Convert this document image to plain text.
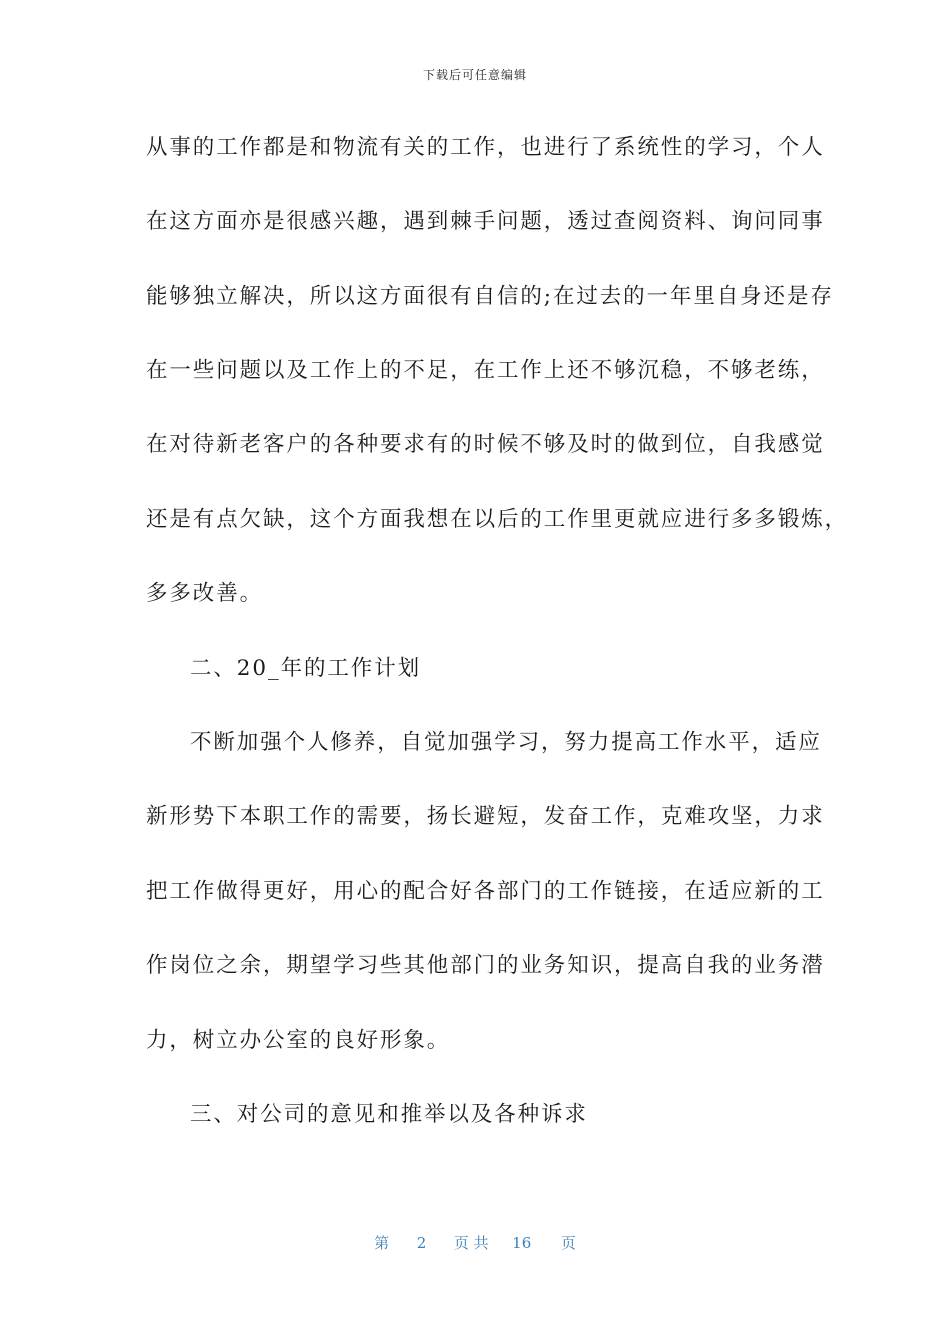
下载后可任意编辑
从事的工作都是和物流有关的工作，也进行了系统性的学习，个人
在这方面亦是很感兴趣，遇到棘手问题，透过查阅资料、询问同事
能够独立解决，所以这方面很有自信的;在过去的一年里自身还是存
在一些问题以及工作上的不足，在工作上还不够沉稳，不够老练，
在对待新老客户的各种要求有的时候不够及时的做到位，自我感觉
还是有点欠缺，这个方面我想在以后的工作里更就应进行多多锻炼，
多多改善。
二、20_年的工作计划
不断加强个人修养，自觉加强学习，努力提高工作水平，适应
新形势下本职工作的需要，扬长避短，发奋工作，克难攻坚，力求
把工作做得更好，用心的配合好各部门的工作链接，在适应新的工
作岗位之余，期望学习些其他部门的业务知识，提高自我的业务潜
力，树立办公室的良好形象。
三、对公司的意见和推举以及各种诉求
第 2 页 共 16 页
